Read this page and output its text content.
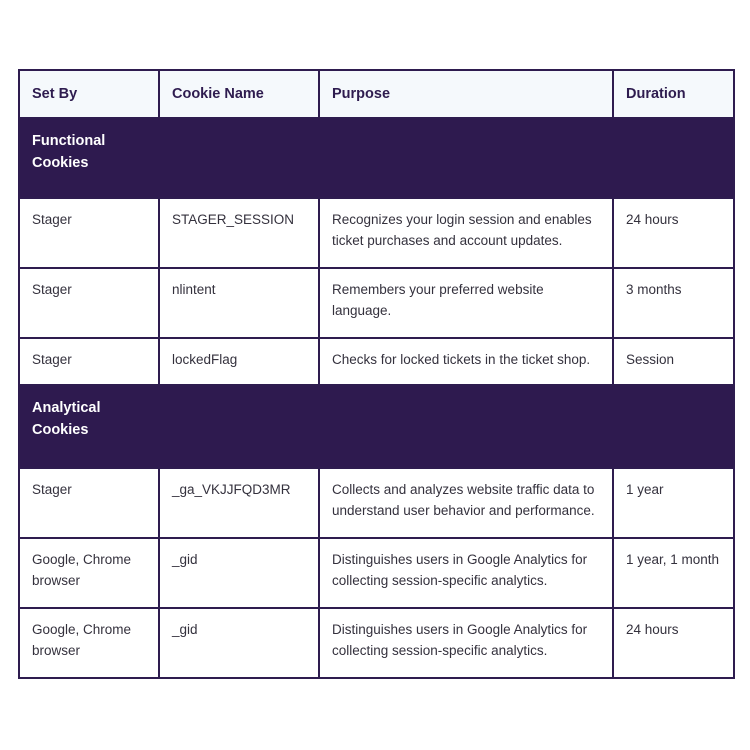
Set By	Cookie Name	Purpose	Duration

Functional Cookies			

Stager	STAGER_SESSION	Recognizes your login session and enables ticket purchases and account updates.	24 hours
Stager	nlintent	Remembers your preferred website language.	3 months
Stager	lockedFlag	Checks for locked tickets in the ticket shop.	Session

Analytical Cookies			

Stager	_ga_VKJJFQD3MR	Collects and analyzes website traffic data to understand user behavior and performance.	1 year
Google, Chrome browser	_gid	Distinguishes users in Google Analytics for collecting session-specific analytics.	1 year, 1 month
Google, Chrome browser	_gid	Distinguishes users in Google Analytics for collecting session-specific analytics.	24 hours
